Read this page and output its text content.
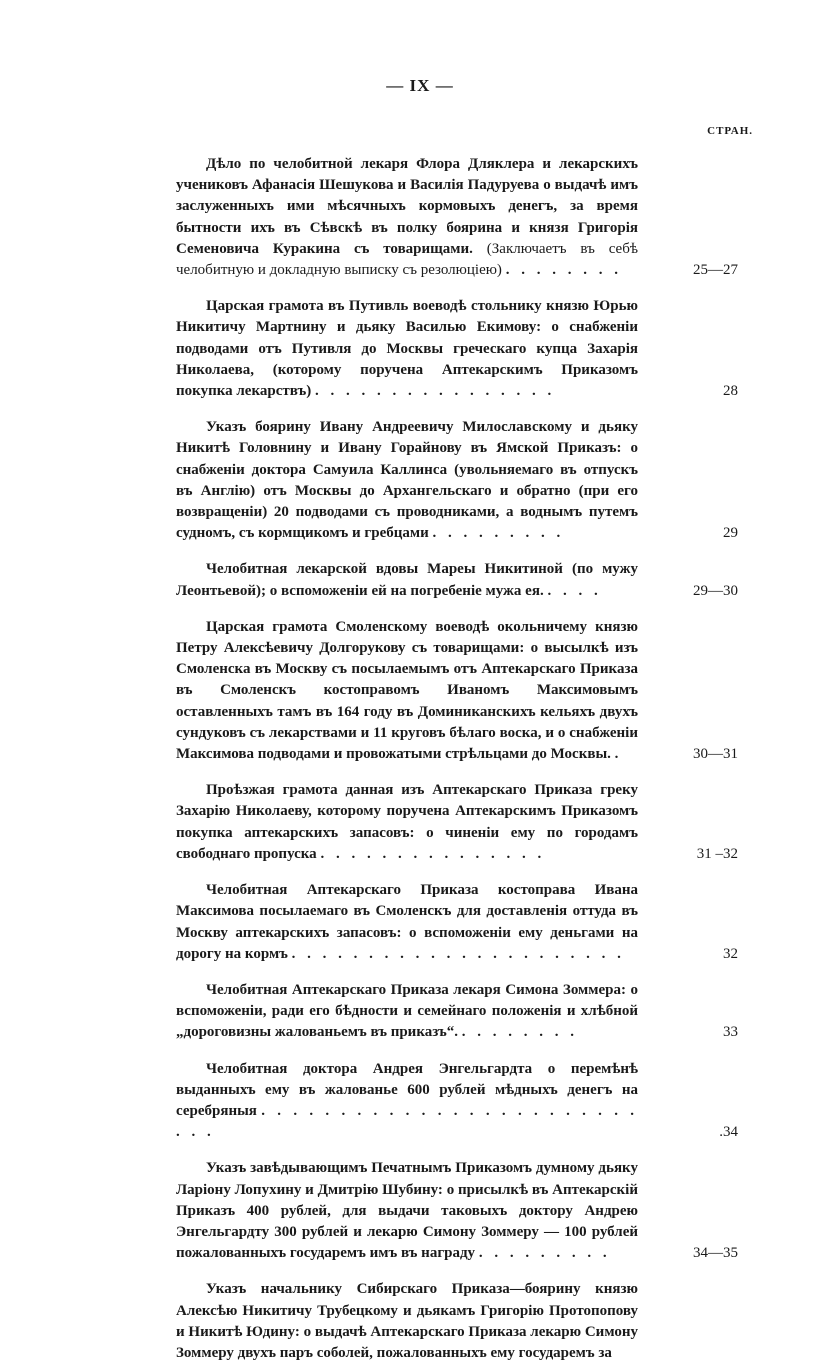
— IX —
СТРАН.

Дѣло по челобитной лекаря Флора Дляклера и лекарскихъ учениковъ Афанасія Шешукова и Василія Падуруева о выдачѣ имъ заслуженныхъ ими мѣсячныхъ кормовыхъ денегъ, за время бытности ихъ въ Сѣвскѣ въ полку боярина и князя Григорія Семеновича Куракина съ товарищами. (Заключаетъ въ себѣ челобитную и докладную выписку съ резолюціею) . . . . . . . .	25—27

Царская грамота въ Путивль воеводѣ стольнику князю Юрью Никитичу Мартнину и дьяку Василью Екимову: о снабженіи подводами отъ Путивля до Москвы греческаго купца Захарія Николаева, (которому поручена Аптекарскимъ Приказомъ покупка лекарствъ) . . . . . . . . . . . . . . . .	28

Указъ боярину Ивану Андреевичу Милославскому и дьяку Никитѣ Головнину и Ивану Горайнову въ Ямской Приказъ: о снабженіи доктора Самуила Каллинса (увольняемаго въ отпускъ въ Англію) отъ Москвы до Архангельскаго и обратно (при его возвращеніи) 20 подводами съ проводниками, а воднымъ путемъ судномъ, съ кормщикомъ и гребцами . . . . . . . . .	29

Челобитная лекарской вдовы Мареы Никитиной (по мужу Леонтьевой); о вспоможеніи ей на погребеніе мужа ея. . . . .	29—30

Царская грамота Смоленскому воеводѣ окольничему князю Петру Алексѣевичу Долгорукову съ товарищами: о высылкѣ изъ Смоленска въ Москву съ посылаемымъ отъ Аптекарскаго Приказа въ Смоленскъ костоправомъ Иваномъ Максимовымъ оставленныхъ тамъ въ 164 году въ Доминиканскихъ кельяхъ двухъ сундуковъ съ лекарствами и 11 круговъ бѣлаго воска, и о снабженіи Максимова подводами и провожатыми стрѣльцами до Москвы. .	30—31

Проѣзжая грамота данная изъ Аптекарскаго Приказа греку Захарію Николаеву, которому поручена Аптекарскимъ Приказомъ покупка аптекарскихъ запасовъ: о чиненіи ему по городамъ свободнаго пропуска . . . . . . . . . . . . . . .	31 –32

Челобитная Аптекарскаго Приказа костоправа Ивана Максимова посылаемаго въ Смоленскъ для доставленія оттуда въ Москву аптекарскихъ запасовъ: о вспоможеніи ему деньгами на дорогу на кормъ . . . . . . . . . . . . . . . . . . . . . .	32

Челобитная Аптекарскаго Приказа лекаря Симона Зоммера: о вспоможеніи, ради его бѣдности и семейнаго положенія и хлѣбной „дороговизны жалованьемъ въ приказъ“. . . . . . . . .	33

Челобитная доктора Андрея Энгельгардта о перемѣнѣ выданныхъ ему въ жалованье 600 рублей мѣдныхъ денегъ на серебряныя . . . . . . . . . . . . . . . . . . . . . . . . . . .	.34

Указъ завѣдывающимъ Печатнымъ Приказомъ думному дьяку Ларіону Лопухину и Дмитрію Шубину: о присылкѣ въ Аптекарскій Приказъ 400 рублей, для выдачи таковыхъ доктору Андрею Энгельгардту 300 рублей и лекарю Симону Зоммеру — 100 рублей пожалованныхъ государемъ имъ въ награду . . . . . . . . .	34—35

Указъ начальнику Сибирскаго Приказа—боярину князю Алексѣю Никитичу Трубецкому и дьякамъ Григорію Протопопову и Никитѣ Юдину: о выдачѣ Аптекарскаго Приказа лекарю Симону Зоммеру двухъ паръ соболей, пожалованныхъ ему государемъ за
